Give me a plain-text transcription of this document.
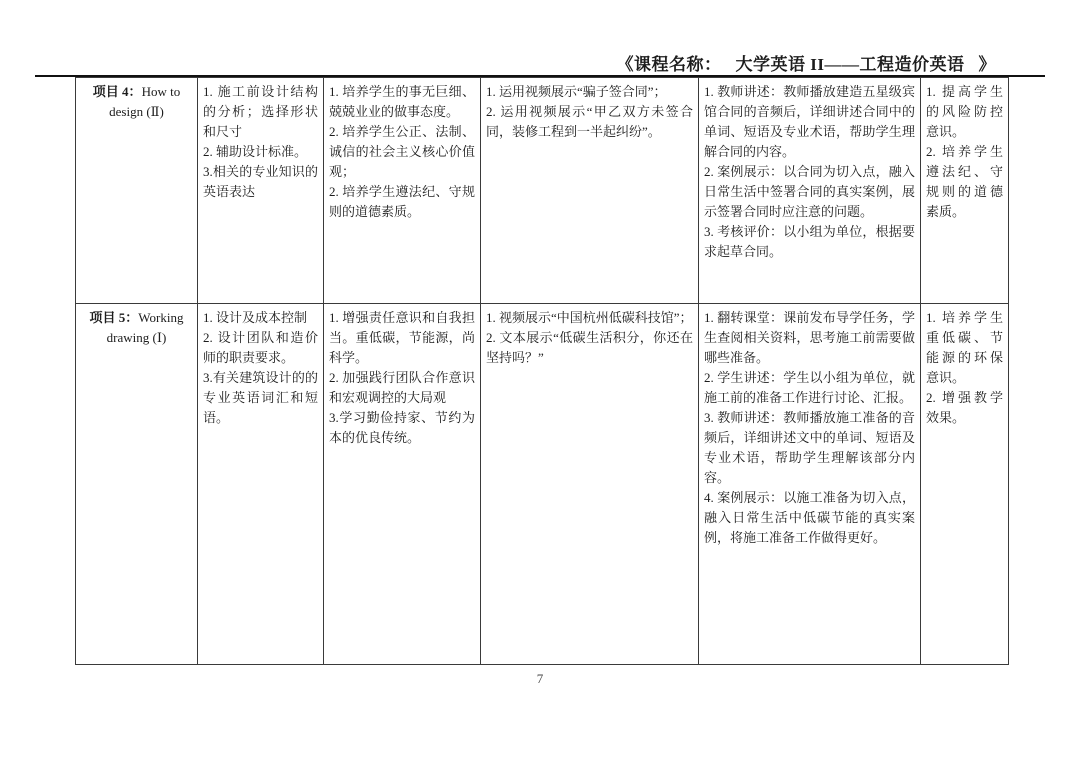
《课程名称： 大学英语 II——工程造价英语 》
项目 4：How to design (Ⅱ)	
1. 施工前设计结构的分析；选择形状和尺寸
2. 辅助设计标准。
3.相关的专业知识的英语表达

1. 培养学生的事无巨细、兢兢业业的做事态度。
2. 培养学生公正、法制、诚信的社会主义核心价值观；
2. 培养学生遵法纪、守规则的道德素质。

1. 运用视频展示“骗子签合同”；
2. 运用视频展示“甲乙双方未签合同，装修工程到一半起纠纷”。

1. 教师讲述：教师播放建造五星级宾馆合同的音频后，详细讲述合同中的单词、短语及专业术语，帮助学生理解合同的内容。
2. 案例展示：以合同为切入点，融入日常生活中签署合同的真实案例，展示签署合同时应注意的问题。
3. 考核评价：以小组为单位，根据要求起草合同。

1. 提高学生的风险防控意识。
2. 培养学生遵法纪、守规则的道德素质。

项目 5：Working drawing (Ⅰ)	
1. 设计及成本控制
2. 设计团队和造价师的职责要求。
3.有关建筑设计的的专业英语词汇和短语。

1. 增强责任意识和自我担当。重低碳，节能源，尚科学。
2. 加强践行团队合作意识和宏观调控的大局观
3.学习勤俭持家、节约为本的优良传统。

1. 视频展示“中国杭州低碳科技馆”；
2. 文本展示“低碳生活积分，你还在坚持吗？”

1. 翻转课堂：课前发布导学任务，学生查阅相关资料，思考施工前需要做哪些准备。
2. 学生讲述：学生以小组为单位，就施工前的准备工作进行讨论、汇报。
3. 教师讲述：教师播放施工准备的音频后，详细讲述文中的单词、短语及专业术语，帮助学生理解该部分内容。
4. 案例展示：以施工准备为切入点，融入日常生活中低碳节能的真实案例，将施工准备工作做得更好。

1. 培养学生重低碳、节能源的环保意识。
2. 增强教学效果。
7
